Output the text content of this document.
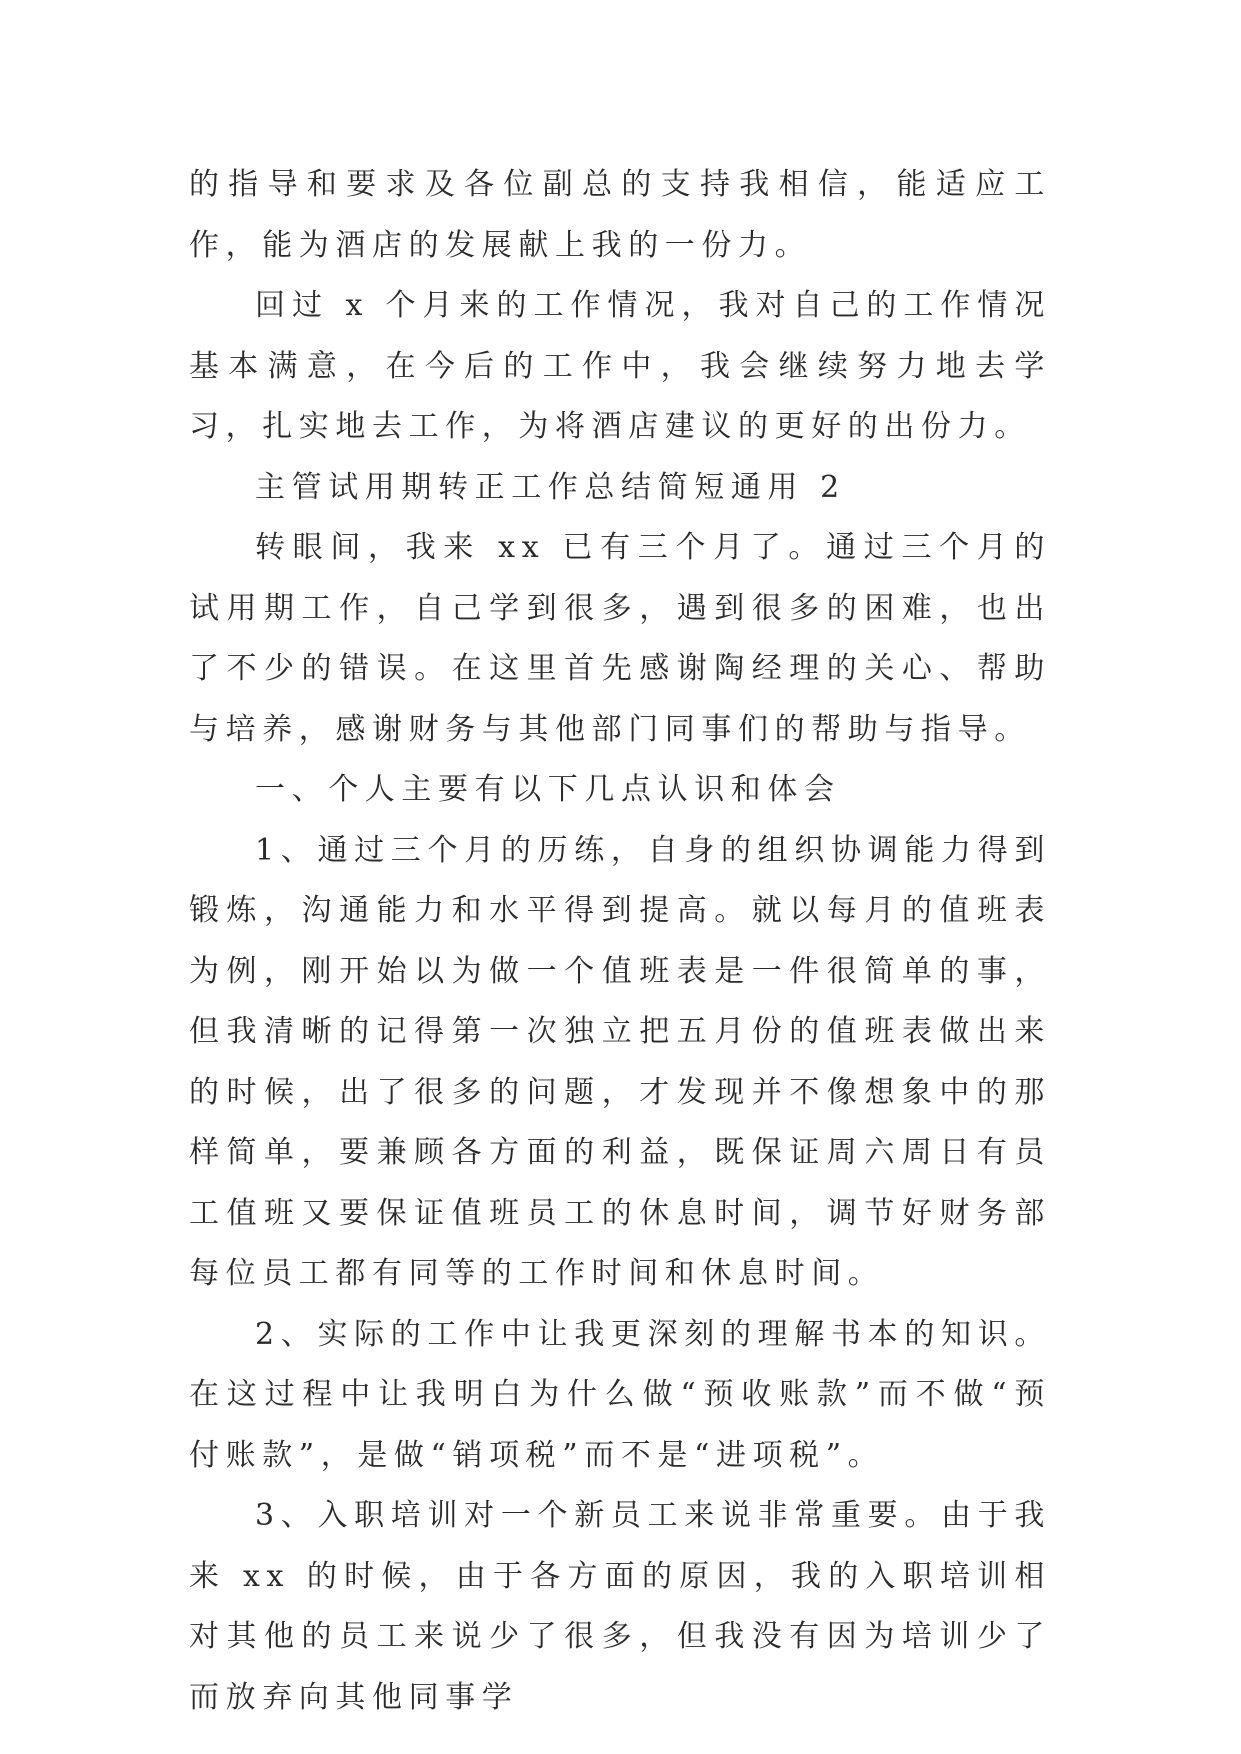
的指导和要求及各位副总的支持我相信，能适应工作，能为酒店的发展献上我的一份力。

回过 x 个月来的工作情况，我对自己的工作情况基本满意，在今后的工作中，我会继续努力地去学习，扎实地去工作，为将酒店建议的更好的出份力。

主管试用期转正工作总结简短通用 2

转眼间，我来 xx 已有三个月了。通过三个月的试用期工作，自己学到很多，遇到很多的困难，也出了不少的错误。在这里首先感谢陶经理的关心、帮助与培养，感谢财务与其他部门同事们的帮助与指导。

一、个人主要有以下几点认识和体会

1、通过三个月的历练，自身的组织协调能力得到锻炼，沟通能力和水平得到提高。就以每月的值班表为例，刚开始以为做一个值班表是一件很简单的事，但我清晰的记得第一次独立把五月份的值班表做出来的时候，出了很多的问题，才发现并不像想象中的那样简单，要兼顾各方面的利益，既保证周六周日有员工值班又要保证值班员工的休息时间，调节好财务部每位员工都有同等的工作时间和休息时间。

2、实际的工作中让我更深刻的理解书本的知识。在这过程中让我明白为什么做“预收账款”而不做“预付账款”，是做“销项税”而不是“进项税”。

3、入职培训对一个新员工来说非常重要。由于我来 xx 的时候，由于各方面的原因，我的入职培训相对其他的员工来说少了很多，但我没有因为培训少了而放弃向其他同事学
